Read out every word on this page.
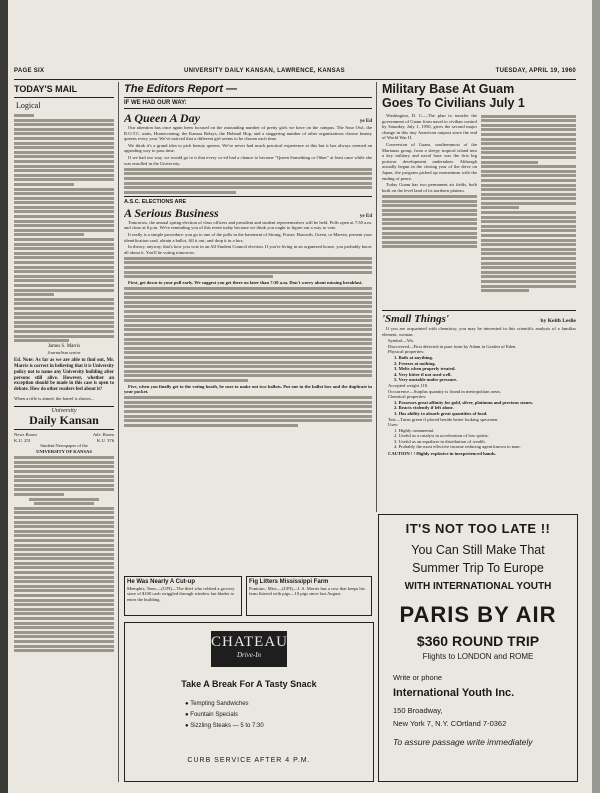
PAGE SIX	UNIVERSITY DAILY KANSAN, LAWRENCE, KANSAS	TUESDAY, APRIL 19, 1960
TODAY'S MAIL
Logical
James S. Marris
Journalism senior
Ed. Note: As far as we are able to find out, Mr. Marris is correct in believing that it is University policy not to name any University building after persons still alive. However, whether an exception should be made in this case is open to debate. How do other readers feel about it?
When a rifle is aimed, the barrel is shown...
University
Daily Kansan
News Room	Adv. Room
K.U. 251	K.U. 376
Student Newspaper of the
UNIVERSITY OF KANSAS
The Editors Report —
IF WE HAD OUR WAY:
A Queen A Day	ye Ed

Our attention has once again been focused on the astounding number of pretty girls we have on the campus. The Sour Owl, the R.O.T.C. units, Homecoming, the Kansas Relays, the Hobnail Hop, and a staggering number of other organizations choose beauty queens every year. We've noticed that a different girl seems to be chosen each time.

We think it's a grand idea to pick beauty queens. We've never had much practical experience at this but it has always seemed an appealing way to pass time.

If we had our way, we would go to it that every co-ed had a chance to become "Queen Something or Other" at least once while she was enrolled in the University.

A.S.C. ELECTIONS ARE
A Serious Business	ye Ed

Tomorrow, the annual spring election of class officers and president and student representatives will be held. Polls open at 7:30 a.m. and close at 6 p.m. We're reminding you of this event today because we think you ought to figure out a way to vote.

It really is a simple procedure: you go to one of the polls in the basement of Strong, Fraser, Haworth, Green, or Marvin, present your identification card, obtain a ballot, fill it out, and drop it in a box.

In theory, anyway, that's how you vote in an All Student Council election. If you're living in an organized house, you probably know all about it. You'll be voting tomorrow.

First, get down to your poll early. We suggest you get there no later than 7:30 a.m. Don't worry about missing breakfast.

Five, when you finally get to the voting booth, be sure to make out two ballots. Put one in the ballot box and the duplicate in your pocket.

He Was Nearly A Cut-up
Memphis, Tenn.—(UPI)—The thief who robbed a grocery store of $100 cash wriggled through window fan blades to enter the building.
Fig Litters Mississippi Farm
Pontotoc, Miss.—(UPI)—J. A. Morris has a cow that keeps his farm littered with pigs—10 pigs since last August.
CHATEAU
Drive-In
Take A Break For A Tasty Snack
● Tempting Sandwiches
● Fountain Specials
● Sizzling Steaks — 5 to 7:30
CURB SERVICE AFTER 4 P.M.
Military Base At Guam
Goes To Civilians July 1

Washington, D. C.—The plan to transfer the government of Guam from naval to civilian control by Saturday, July 1, 1950, gives the second major change in this tiny American outpost since the end of World War II.

Conversion of Guam, southernmost of the Marianas group, from a sleepy tropical island into a key military and naval base was the first big postwar development undertaken. Although actually begun in the closing year of the drive on Japan, the program picked up momentum with the ending of peace.

Today Guam has two permanent air fields, both built on the level land of its northern plateau.

'Small Things'	by Keith Leslie

If you are acquainted with chemistry, you may be interested in this scientific analysis of a familiar element, woman.

Symbol—Wo.
Discovered—First detected in pure form by Adam in Garden of Eden.
Physical properties:
1. Boils at anything.
2. Freezes at nothing.
3. Melts when properly treated.
4. Very bitter if not used well.
5. Very unstable under pressure.
Accepted weight 118.
Occurrence—Surplus quantity is found in metropolitan areas.
Chemical properties:
1. Possesses great affinity for gold, silver, platinum and precious stones.
2. Reacts violently if left alone.
3. Has ability to absorb great quantities of food.
Test—Turns green if placed beside better looking specimen.
Uses:
1. Highly ornamental.
2. Useful as a catalyst in acceleration of low spirits.
3. Useful as an equalizer in distribution of wealth.
4. Probably the most effective income reducing agent known to man.
CAUTION ! ! Highly explosive in inexperienced hands.
IT'S NOT TOO LATE !!
You Can Still Make That
Summer Trip To Europe
WITH INTERNATIONAL YOUTH
PARIS BY AIR
$360 ROUND TRIP
Flights to LONDON and ROME
Write or phone
International Youth Inc.
150 Broadway,
New York 7, N.Y. COrtland 7-0362
To assure passage write immediately
